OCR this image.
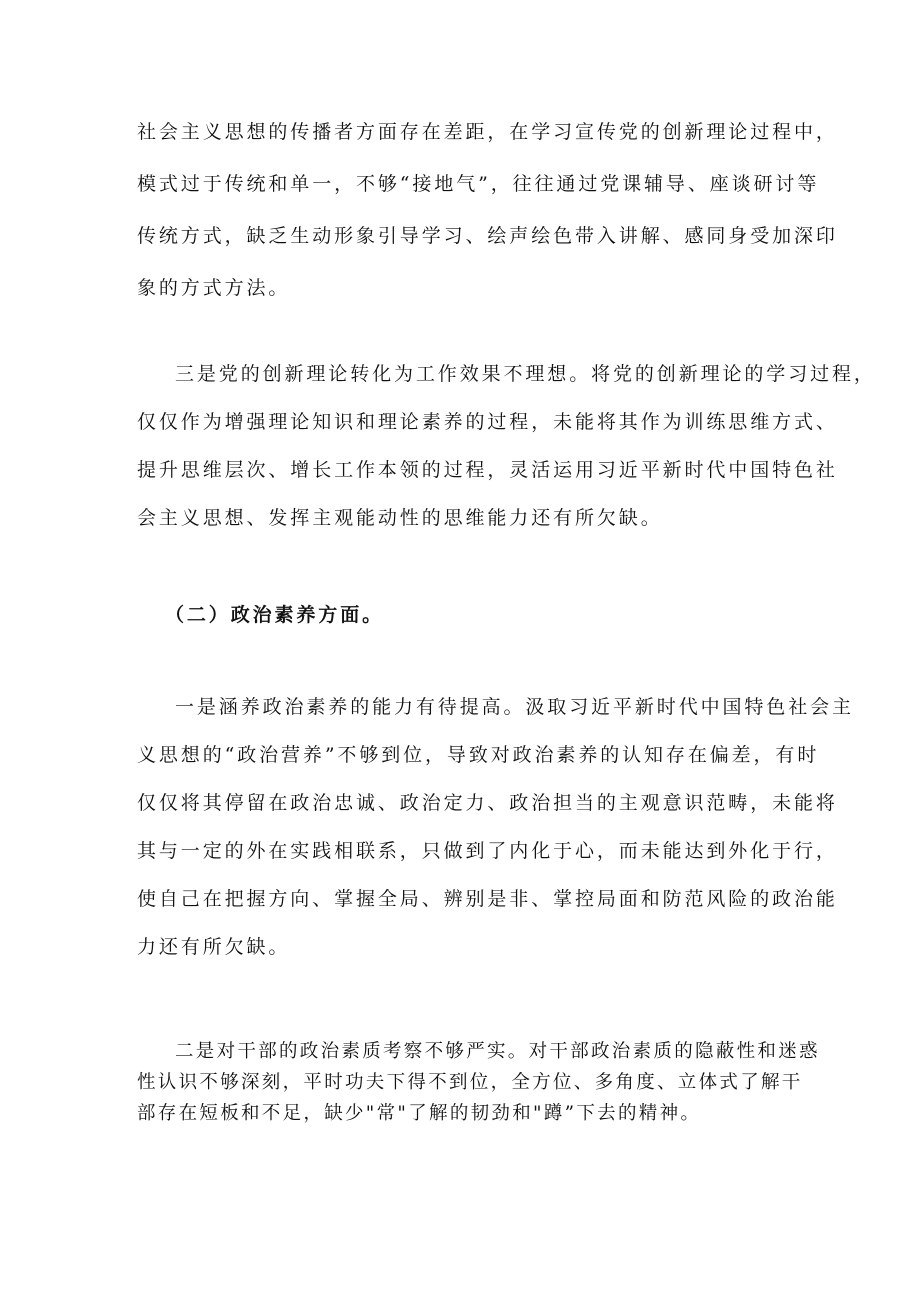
社会主义思想的传播者方面存在差距，在学习宣传党的创新理论过程中，
模式过于传统和单一，不够“接地气”，往往通过党课辅导、座谈研讨等
传统方式，缺乏生动形象引导学习、绘声绘色带入讲解、感同身受加深印
象的方式方法。
三是党的创新理论转化为工作效果不理想。将党的创新理论的学习过程，
仅仅作为增强理论知识和理论素养的过程，未能将其作为训练思维方式、
提升思维层次、增长工作本领的过程，灵活运用习近平新时代中国特色社
会主义思想、发挥主观能动性的思维能力还有所欠缺。
（二）政治素养方面。
一是涵养政治素养的能力有待提高。汲取习近平新时代中国特色社会主
义思想的“政治营养”不够到位，导致对政治素养的认知存在偏差，有时
仅仅将其停留在政治忠诚、政治定力、政治担当的主观意识范畴，未能将
其与一定的外在实践相联系，只做到了内化于心，而未能达到外化于行，
使自己在把握方向、掌握全局、辨别是非、掌控局面和防范风险的政治能
力还有所欠缺。
二是对干部的政治素质考察不够严实。对干部政治素质的隐蔽性和迷惑
性认识不够深刻，平时功夫下得不到位，全方位、多角度、立体式了解干
部存在短板和不足，缺少"常"了解的韧劲和"蹲”下去的精神。
